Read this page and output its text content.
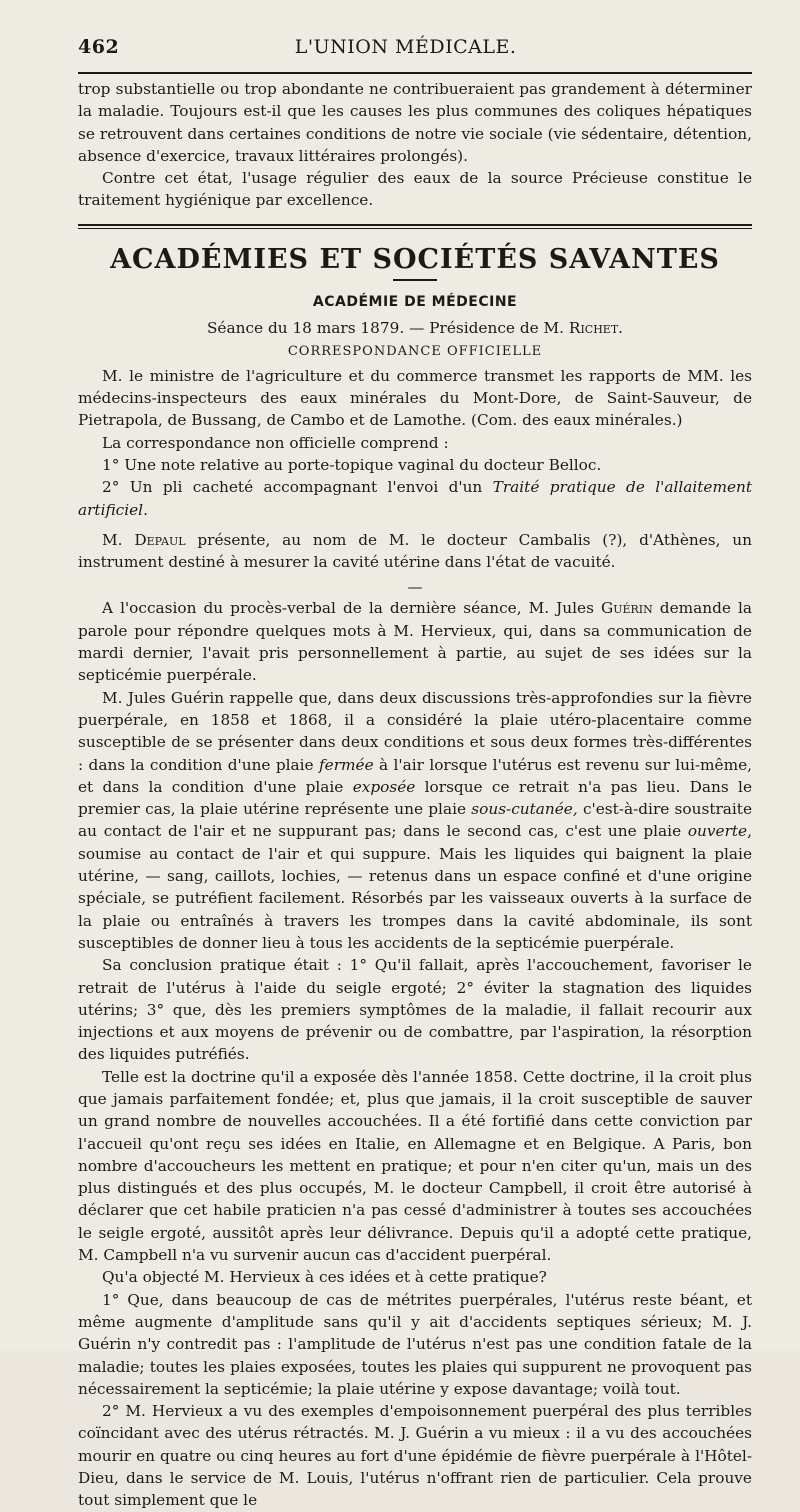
462	L'UNION MÉDICALE.

trop substantielle ou trop abondante ne contribueraient pas grandement à déterminer la maladie. Toujours est-il que les causes les plus communes des coliques hépatiques se retrouvent dans certaines conditions de notre vie sociale (vie sédentaire, détention, absence d'exercice, travaux littéraires prolongés).

Contre cet état, l'usage régulier des eaux de la source Précieuse constitue le traitement hygiénique par excellence.

ACADÉMIES ET SOCIÉTÉS SAVANTES
ACADÉMIE DE MÉDECINE
Séance du 18 mars 1879. — Présidence de M. Richet.
CORRESPONDANCE OFFICIELLE

M. le ministre de l'agriculture et du commerce transmet les rapports de MM. les médecins-inspecteurs des eaux minérales du Mont-Dore, de Saint-Sauveur, de Pietrapola, de Bussang, de Cambo et de Lamothe. (Com. des eaux minérales.)

La correspondance non officielle comprend :

1° Une note relative au porte-topique vaginal du docteur Belloc.

2° Un pli cacheté accompagnant l'envoi d'un Traité pratique de l'allaitement artificiel.

M. Depaul présente, au nom de M. le docteur Cambalis (?), d'Athènes, un instrument destiné à mesurer la cavité utérine dans l'état de vacuité.

—

A l'occasion du procès-verbal de la dernière séance, M. Jules Guérin demande la parole pour répondre quelques mots à M. Hervieux, qui, dans sa communication de mardi dernier, l'avait pris personnellement à partie, au sujet de ses idées sur la septicémie puerpérale.

M. Jules Guérin rappelle que, dans deux discussions très-approfondies sur la fièvre puerpérale, en 1858 et 1868, il a considéré la plaie utéro-placentaire comme susceptible de se présenter dans deux conditions et sous deux formes très-différentes : dans la condition d'une plaie fermée à l'air lorsque l'utérus est revenu sur lui-même, et dans la condition d'une plaie exposée lorsque ce retrait n'a pas lieu. Dans le premier cas, la plaie utérine représente une plaie sous-cutanée, c'est-à-dire soustraite au contact de l'air et ne suppurant pas; dans le second cas, c'est une plaie ouverte, soumise au contact de l'air et qui suppure. Mais les liquides qui baignent la plaie utérine, — sang, caillots, lochies, — retenus dans un espace confiné et d'une origine spéciale, se putréfient facilement. Résorbés par les vaisseaux ouverts à la surface de la plaie ou entraînés à travers les trompes dans la cavité abdominale, ils sont susceptibles de donner lieu à tous les accidents de la septicémie puerpérale.

Sa conclusion pratique était : 1° Qu'il fallait, après l'accouchement, favoriser le retrait de l'utérus à l'aide du seigle ergoté; 2° éviter la stagnation des liquides utérins; 3° que, dès les premiers symptômes de la maladie, il fallait recourir aux injections et aux moyens de prévenir ou de combattre, par l'aspiration, la résorption des liquides putréfiés.

Telle est la doctrine qu'il a exposée dès l'année 1858. Cette doctrine, il la croit plus que jamais parfaitement fondée; et, plus que jamais, il la croit susceptible de sauver un grand nombre de nouvelles accouchées. Il a été fortifié dans cette conviction par l'accueil qu'ont reçu ses idées en Italie, en Allemagne et en Belgique. A Paris, bon nombre d'accoucheurs les mettent en pratique; et pour n'en citer qu'un, mais un des plus distingués et des plus occupés, M. le docteur Campbell, il croit être autorisé à déclarer que cet habile praticien n'a pas cessé d'administrer à toutes ses accouchées le seigle ergoté, aussitôt après leur délivrance. Depuis qu'il a adopté cette pratique, M. Campbell n'a vu survenir aucun cas d'accident puerpéral.

Qu'a objecté M. Hervieux à ces idées et à cette pratique?

1° Que, dans beaucoup de cas de métrites puerpérales, l'utérus reste béant, et même augmente d'amplitude sans qu'il y ait d'accidents septiques sérieux; M. J. Guérin n'y contredit pas : l'amplitude de l'utérus n'est pas une condition fatale de la maladie; toutes les plaies exposées, toutes les plaies qui suppurent ne provoquent pas nécessairement la septicémie; la plaie utérine y expose davantage; voilà tout.

2° M. Hervieux a vu des exemples d'empoisonnement puerpéral des plus terribles coïncidant avec des utérus rétractés. M. J. Guérin a vu mieux : il a vu des accouchées mourir en quatre ou cinq heures au fort d'une épidémie de fièvre puerpérale à l'Hôtel-Dieu, dans le service de M. Louis, l'utérus n'offrant rien de particulier. Cela prouve tout simplement que le
